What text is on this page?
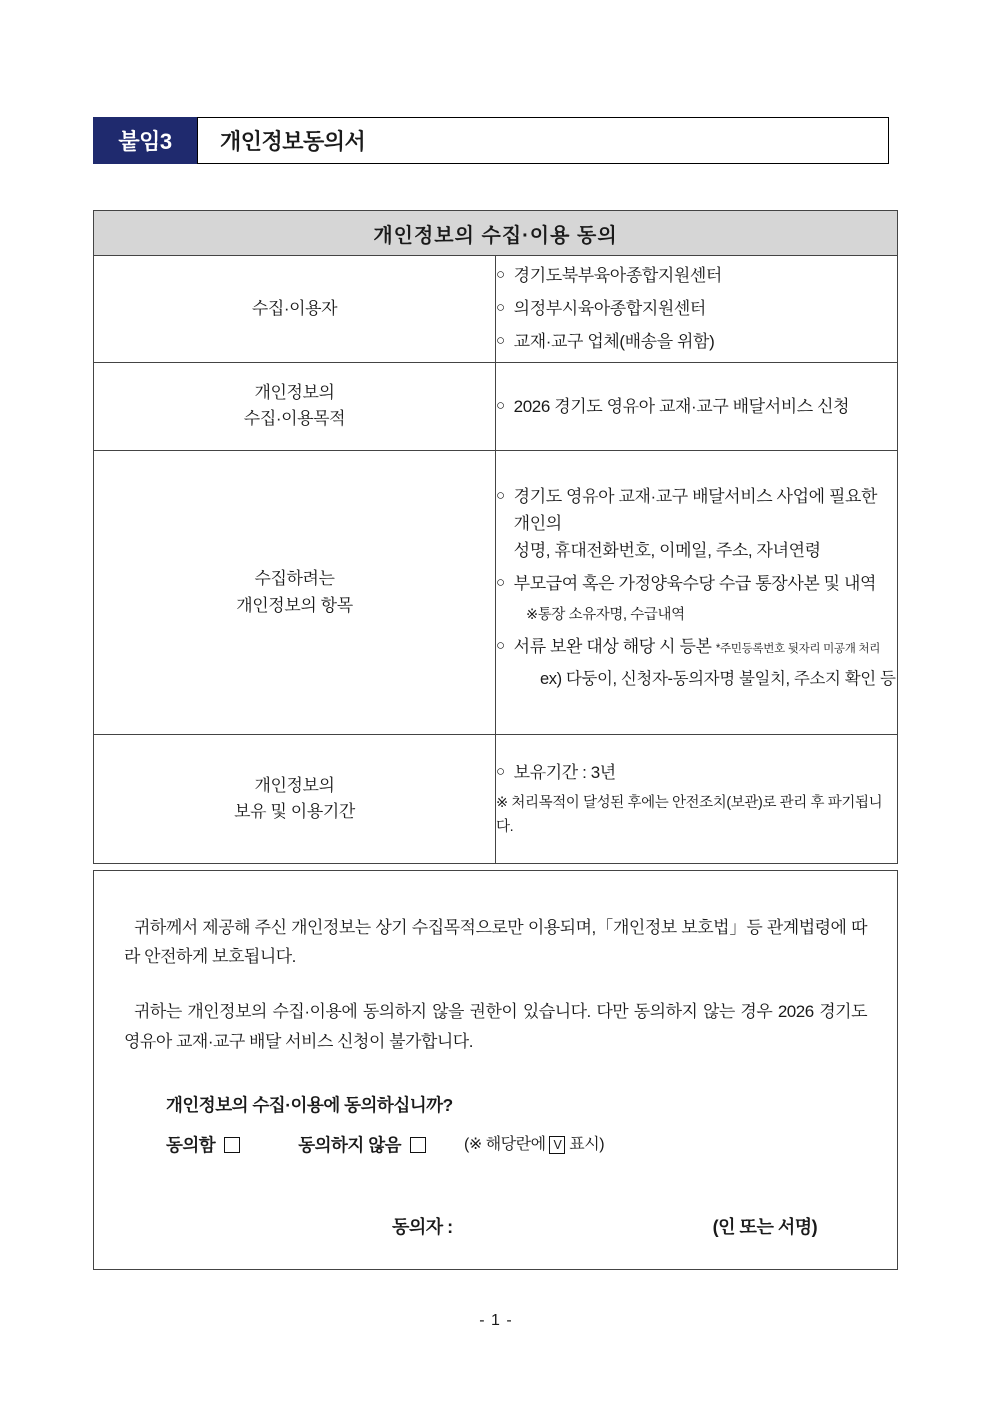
붙임3	개인정보동의서
개인정보의 수집·이용 동의	
수집·이용자	
○ 경기도북부육아종합지원센터
○ 의정부시육아종합지원센터
○ 교재·교구 업체(배송을 위함)

개인정보의
수집·이용목적

○ 2026 경기도 영유아 교재·교구 배달서비스 신청

수집하려는
개인정보의 항목

○ 경기도 영유아 교재·교구 배달서비스 사업에 필요한 개인의
성명, 휴대전화번호, 이메일, 주소, 자녀연령
○ 부모급여 혹은 가정양육수당 수급 통장사본 및 내역
※통장 소유자명, 수급내역
○ 서류 보완 대상 해당 시 등본 *주민등록번호 뒷자리 미공개 처리
ex) 다둥이, 신청자-동의자명 불일치, 주소지 확인 등

개인정보의
보유 및 이용기간

○ 보유기간 : 3년
※ 처리목적이 달성된 후에는 안전조치(보관)로 관리 후 파기됩니다.

귀하께서 제공해 주신 개인정보는 상기 수집목적으로만 이용되며,「개인정보 보호법」등 관계법령에 따라 안전하게 보호됩니다.

귀하는 개인정보의 수집·이용에 동의하지 않을 권한이 있습니다. 다만 동의하지 않는 경우 2026 경기도 영유아 교재·교구 배달 서비스 신청이 불가합니다.

개인정보의 수집·이용에 동의하십니까?
동의함	동의하지 않음	(※ 해당란에 V 표시)
동의자 :	(인 또는 서명)
- 1 -
